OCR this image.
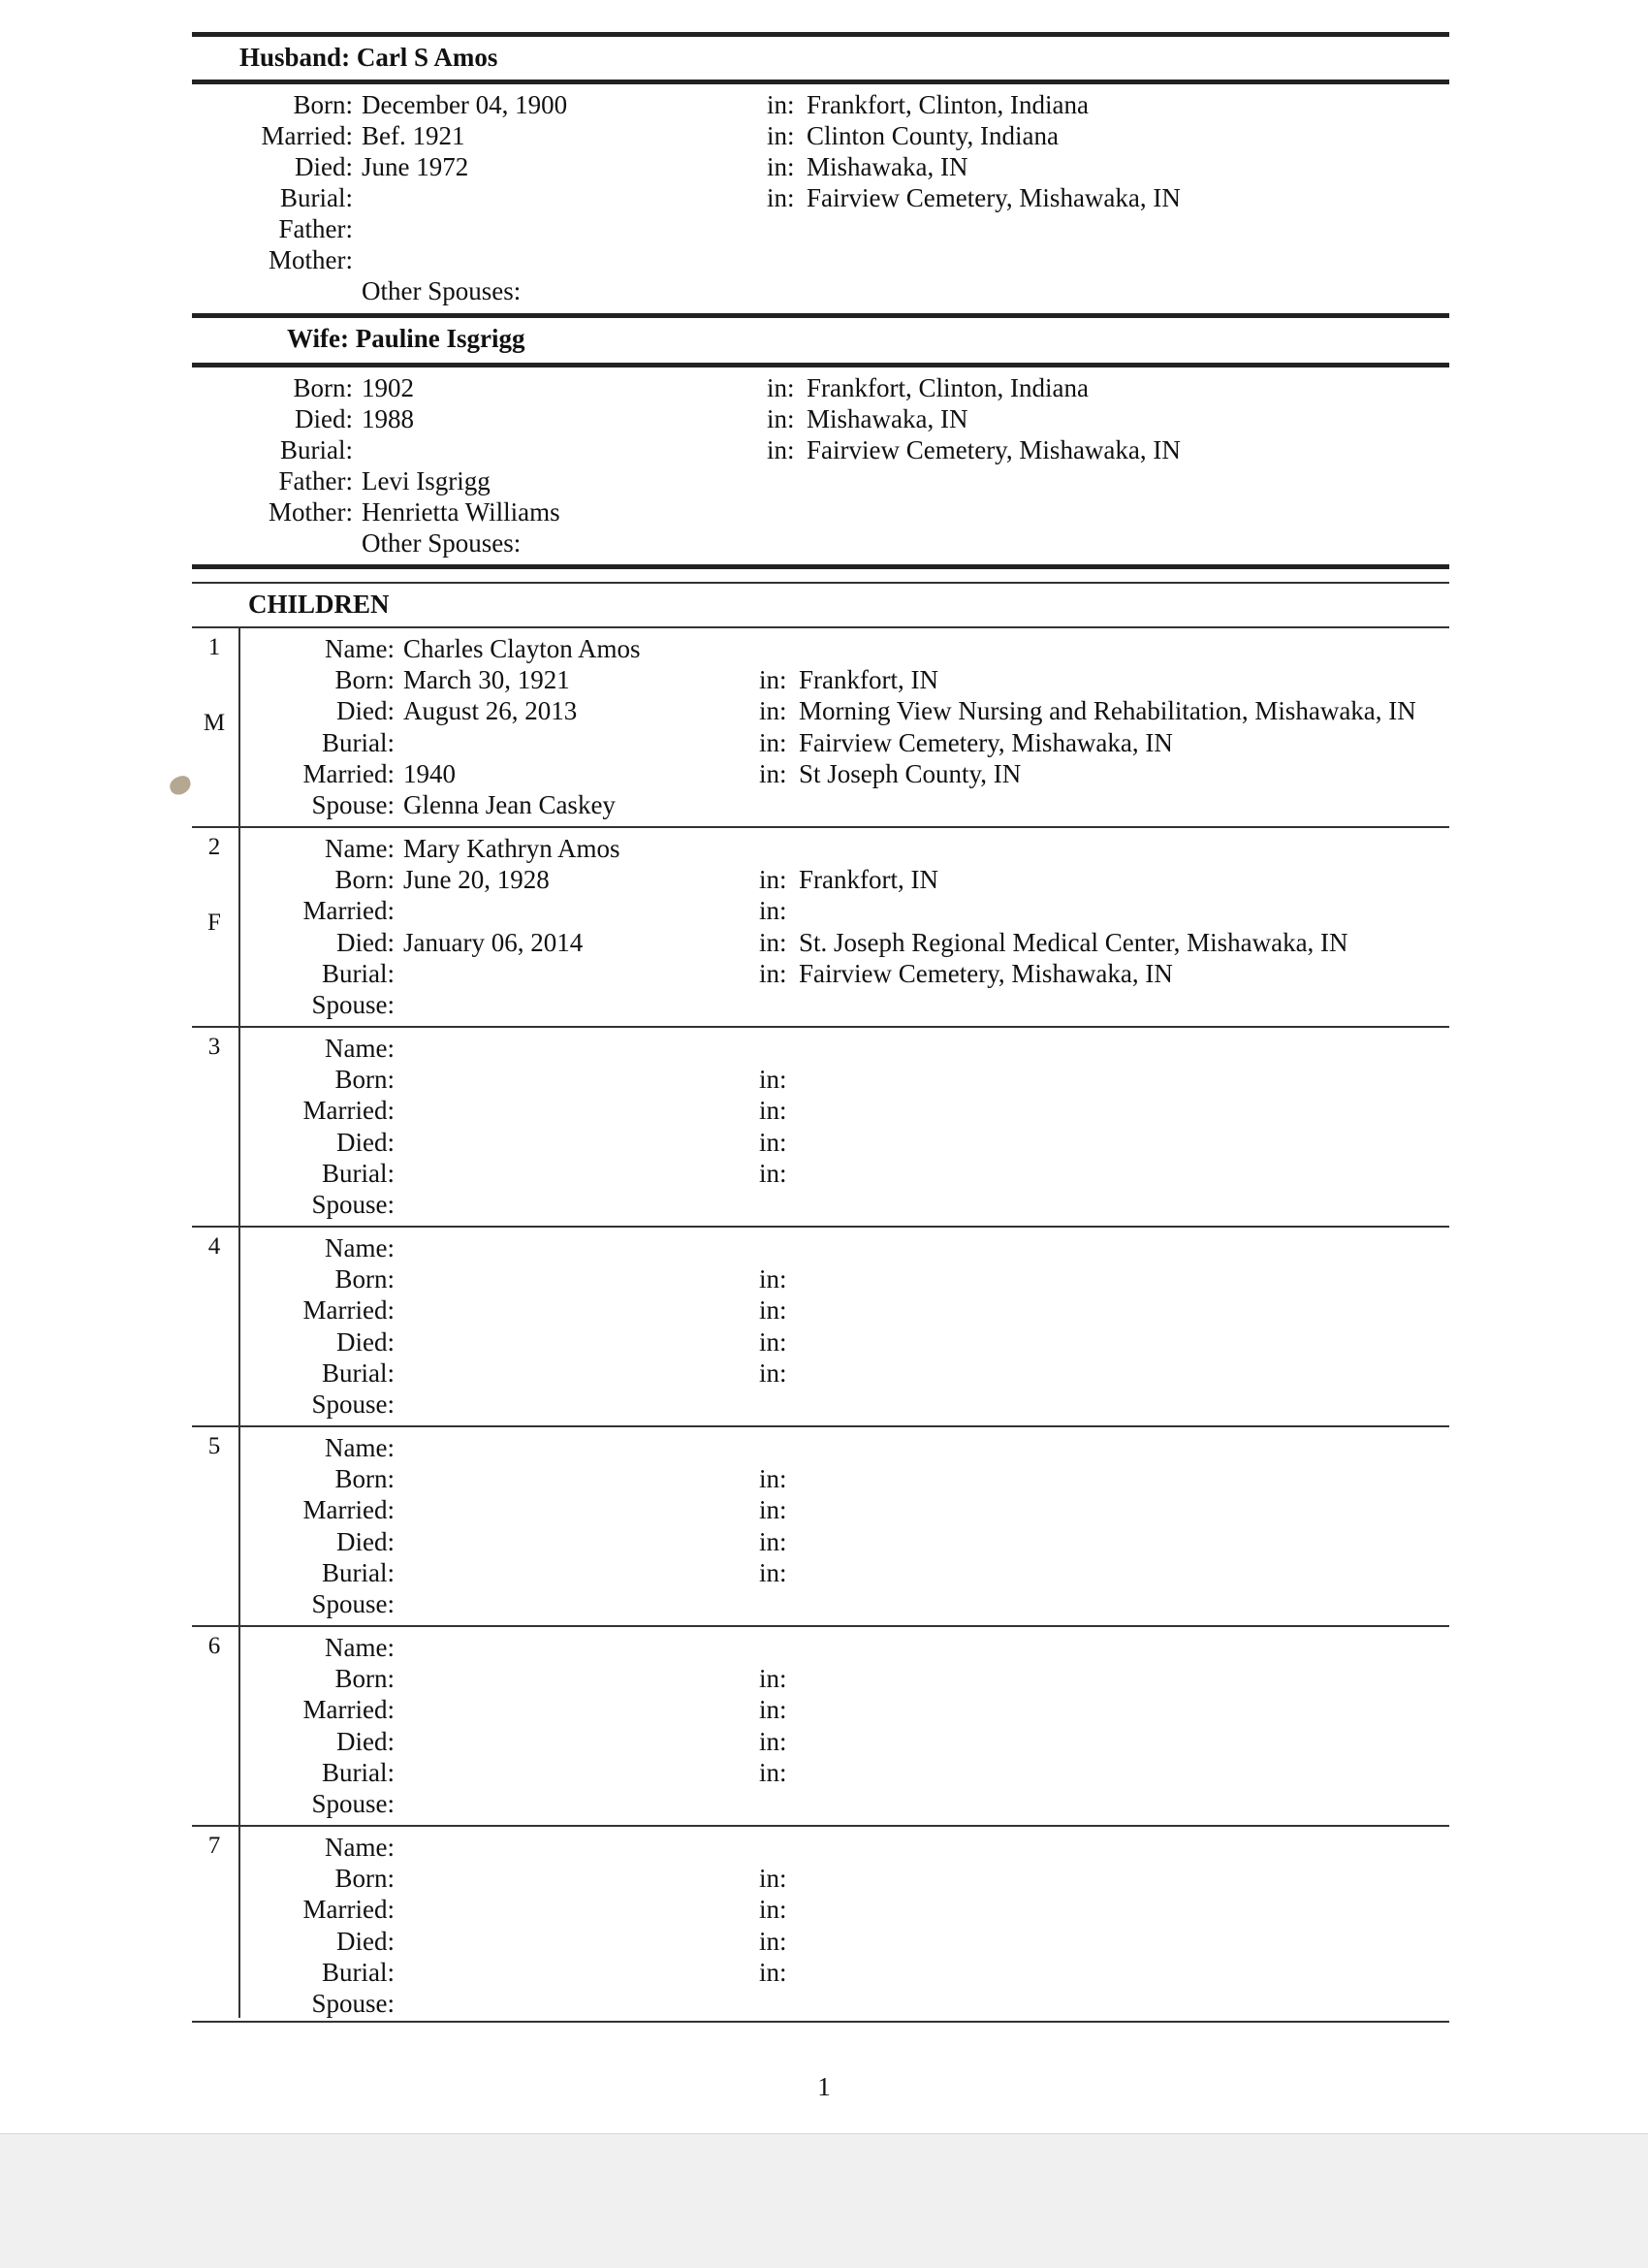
Husband: Carl S Amos
Born: December 04, 1900	in: Frankfort, Clinton, Indiana
Married: Bef. 1921	in: Clinton County, Indiana
Died: June 1972	in: Mishawaka, IN
Burial:	in: Fairview Cemetery, Mishawaka, IN
Father:
Mother:
Other Spouses:
Wife: Pauline Isgrigg
Born: 1902	in: Frankfort, Clinton, Indiana
Died: 1988	in: Mishawaka, IN
Burial:	in: Fairview Cemetery, Mishawaka, IN
Father: Levi Isgrigg
Mother: Henrietta Williams
Other Spouses:
CHILDREN
1
M
Name: Charles Clayton Amos
Born: March 30, 1921	in: Frankfort, IN
Died: August 26, 2013	in: Morning View Nursing and Rehabilitation, Mishawaka, IN
Burial:	in: Fairview Cemetery, Mishawaka, IN
Married: 1940	in: St Joseph County, IN
Spouse: Glenna Jean Caskey
2
F
Name: Mary Kathryn Amos
Born: June 20, 1928	in: Frankfort, IN
Married:	in:
Died: January 06, 2014	in: St. Joseph Regional Medical Center, Mishawaka, IN
Burial:	in: Fairview Cemetery, Mishawaka, IN
Spouse:
3	Name:
Born:	in:
Married:	in:
Died:	in:
Burial:	in:
Spouse:
4	Name:
Born:	in:
Married:	in:
Died:	in:
Burial:	in:
Spouse:
5	Name:
Born:	in:
Married:	in:
Died:	in:
Burial:	in:
Spouse:
6	Name:
Born:	in:
Married:	in:
Died:	in:
Burial:	in:
Spouse:
7	Name:
Born:	in:
Married:	in:
Died:	in:
Burial:	in:
Spouse:
1
